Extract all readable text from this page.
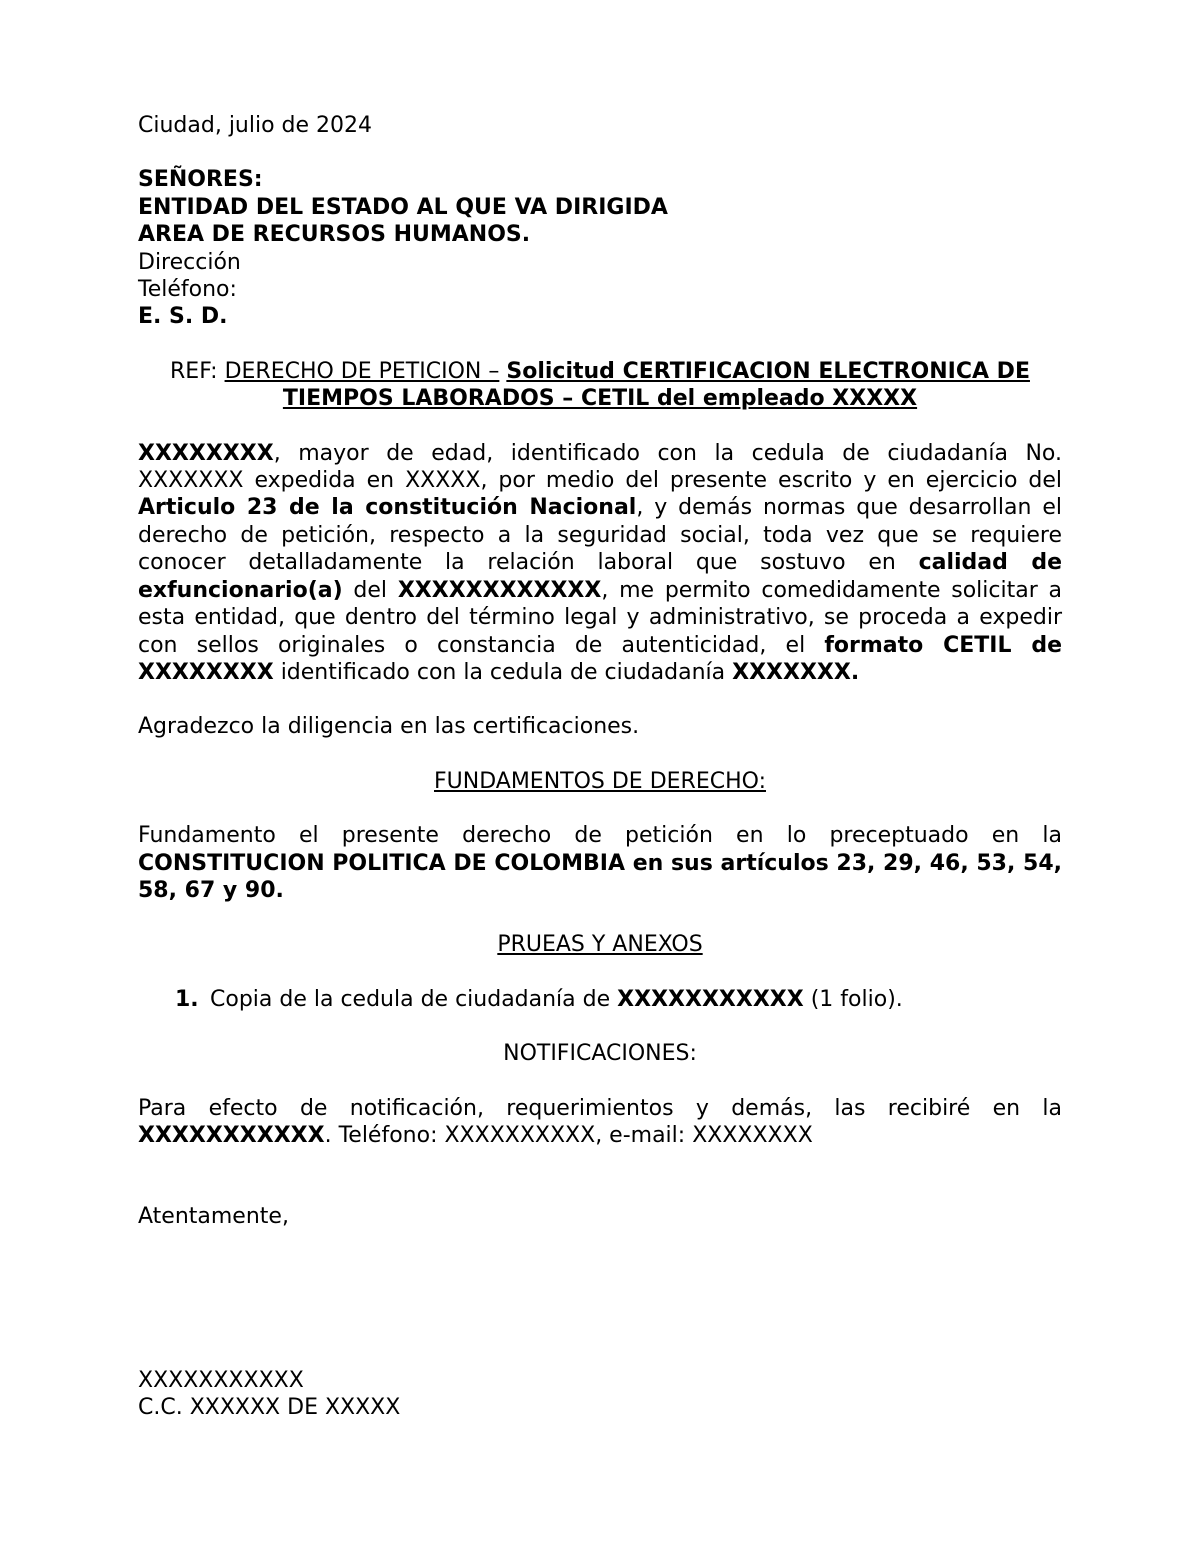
Ciudad, julio de 2024

SEÑORES:

ENTIDAD DEL ESTADO AL QUE VA DIRIGIDA

AREA DE RECURSOS HUMANOS.

Dirección

Teléfono:

E. S. D.

REF: DERECHO DE PETICION – Solicitud CERTIFICACION ELECTRONICA DE TIEMPOS LABORADOS – CETIL del empleado XXXXX

XXXXXXXX, mayor de edad, identificado con la cedula de ciudadanía No. XXXXXXX expedida en XXXXX, por medio del presente escrito y en ejercicio del Articulo 23 de la constitución Nacional, y demás normas que desarrollan el derecho de petición, respecto a la seguridad social, toda vez que se requiere conocer detalladamente la relación laboral que sostuvo en calidad de exfuncionario(a) del XXXXXXXXXXXX, me permito comedidamente solicitar a esta entidad, que dentro del término legal y administrativo, se proceda a expedir con sellos originales o constancia de autenticidad, el formato CETIL de XXXXXXXX identificado con la cedula de ciudadanía XXXXXXX.

Agradezco la diligencia en las certificaciones.

FUNDAMENTOS DE DERECHO:

Fundamento el presente derecho de petición en lo preceptuado en la CONSTITUCION POLITICA DE COLOMBIA en sus artículos 23, 29, 46, 53, 54, 58, 67 y 90.

PRUEAS Y ANEXOS

1. Copia de la cedula de ciudadanía de XXXXXXXXXXX (1 folio).

NOTIFICACIONES:

Para efecto de notificación, requerimientos y demás, las recibiré en la XXXXXXXXXXX. Teléfono: XXXXXXXXXX, e-mail: XXXXXXXX

Atentamente,

XXXXXXXXXXX

C.C. XXXXXX DE XXXXX
